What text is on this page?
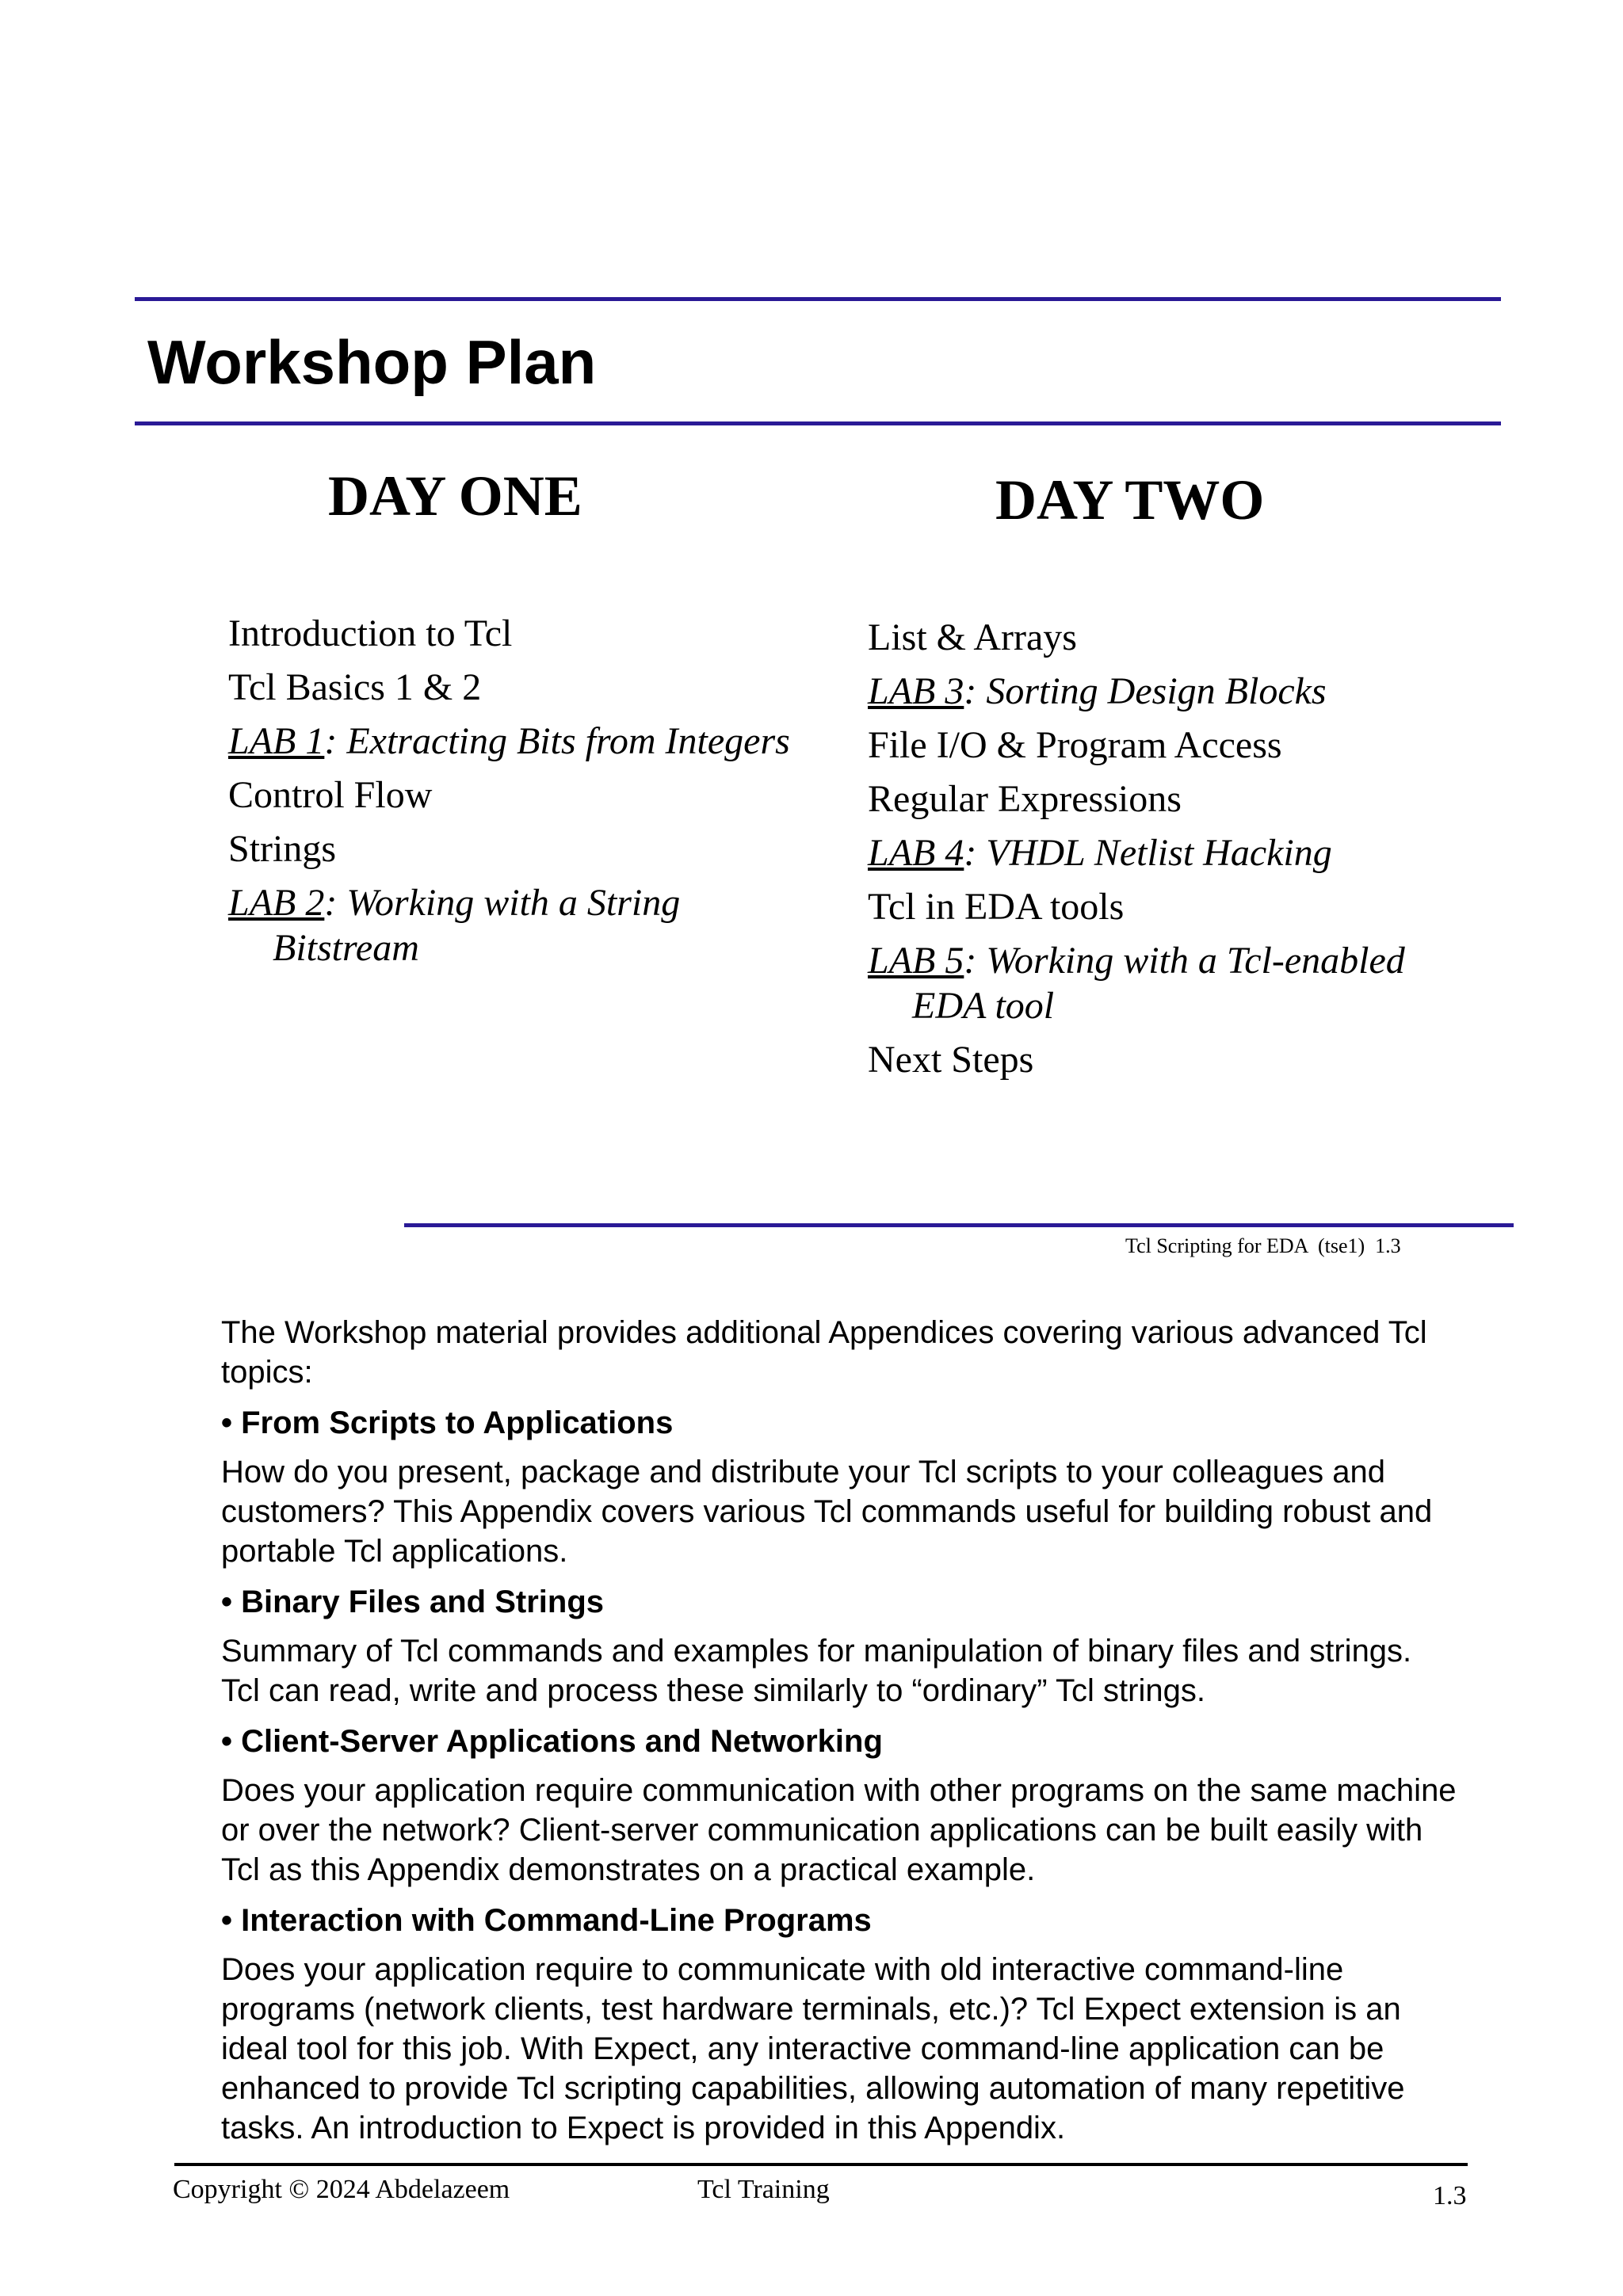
Workshop Plan
DAY ONE
Introduction to Tcl
Tcl Basics 1 & 2
LAB 1: Extracting Bits from Integers
Control Flow
Strings
LAB 2: Working with a String Bitstream
DAY TWO
List & Arrays
LAB 3: Sorting Design Blocks
File I/O & Program Access
Regular Expressions
LAB 4: VHDL Netlist Hacking
Tcl in EDA tools
LAB 5: Working with a Tcl-enabled EDA tool
Next Steps
Tcl Scripting for EDA  (tse1)  1.3

The Workshop material provides additional Appendices covering various advanced Tcl topics:

• From Scripts to Applications

How do you present, package and distribute your Tcl scripts to your colleagues and customers? This Appendix covers various Tcl commands useful for building robust and portable Tcl applications.

• Binary Files and Strings

Summary of Tcl commands and examples for manipulation of binary files and strings. Tcl can read, write and process these similarly to “ordinary” Tcl strings.

• Client-Server Applications and Networking

Does your application require communication with other programs on the same machine or over the network? Client-server communication applications can be built easily with Tcl as this Appendix demonstrates on a practical example.

• Interaction with Command-Line Programs

Does your application require to communicate with old interactive command-line programs (network clients, test hardware terminals, etc.)? Tcl Expect extension is an ideal tool for this job. With Expect, any interactive command-line application can be enhanced to provide Tcl scripting capabilities, allowing automation of many repetitive tasks. An introduction to Expect is provided in this Appendix.

Copyright © 2024 Abdelazeem	Tcl Training	1.3
